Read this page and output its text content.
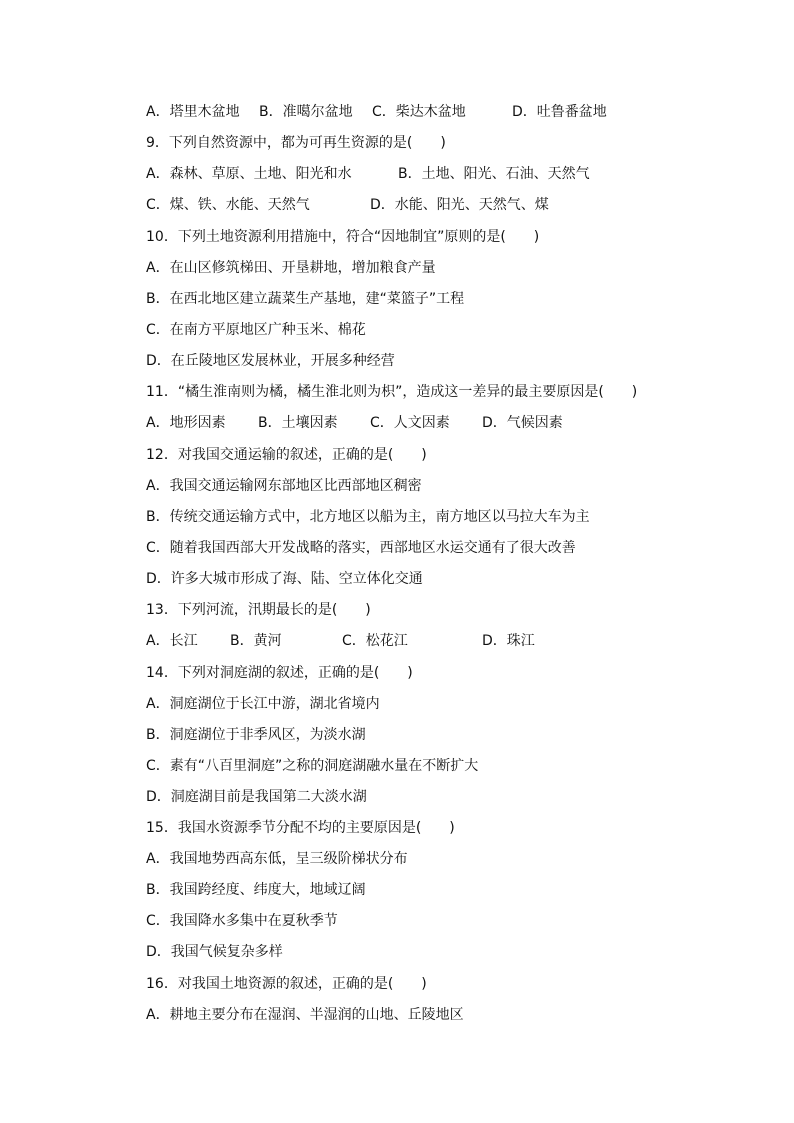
A．塔里木盆地

B．准噶尔盆地

C．柴达木盆地

	D．吐鲁番盆地

9．下列自然资源中，都为可再生资源的是(　　)

A．森林、草原、土地、阳光和水

	B．土地、阳光、石油、天然气

C．煤、铁、水能、天然气

	D．水能、阳光、天然气、煤

10．下列土地资源利用措施中，符合“因地制宜”原则的是(　　)
A．在山区修筑梯田、开垦耕地，增加粮食产量
B．在西北地区建立蔬菜生产基地，建“菜篮子”工程
C．在南方平原地区广种玉米、棉花
D．在丘陵地区发展林业，开展多种经营
11．“橘生淮南则为橘，橘生淮北则为枳”，造成这一差异的最主要原因是(　　)

A．地形因素

B．土壤因素

C．人文因素

D．气候因素

12．对我国交通运输的叙述，正确的是(　　)
A．我国交通运输网东部地区比西部地区稠密
B．传统交通运输方式中，北方地区以船为主，南方地区以马拉大车为主
C．随着我国西部大开发战略的落实，西部地区水运交通有了很大改善
D．许多大城市形成了海、陆、空立体化交通
13．下列河流，汛期最长的是(　　)

A．长江

B．黄河

	C．松花江

	D．珠江

14．下列对洞庭湖的叙述，正确的是(　　)
A．洞庭湖位于长江中游，湖北省境内
B．洞庭湖位于非季风区，为淡水湖
C．素有“八百里洞庭”之称的洞庭湖融水量在不断扩大
D．洞庭湖目前是我国第二大淡水湖
15．我国水资源季节分配不均的主要原因是(　　)
A．我国地势西高东低，呈三级阶梯状分布
B．我国跨经度、纬度大，地域辽阔
C．我国降水多集中在夏秋季节
D．我国气候复杂多样
16．对我国土地资源的叙述，正确的是(　　)
A．耕地主要分布在湿润、半湿润的山地、丘陵地区
